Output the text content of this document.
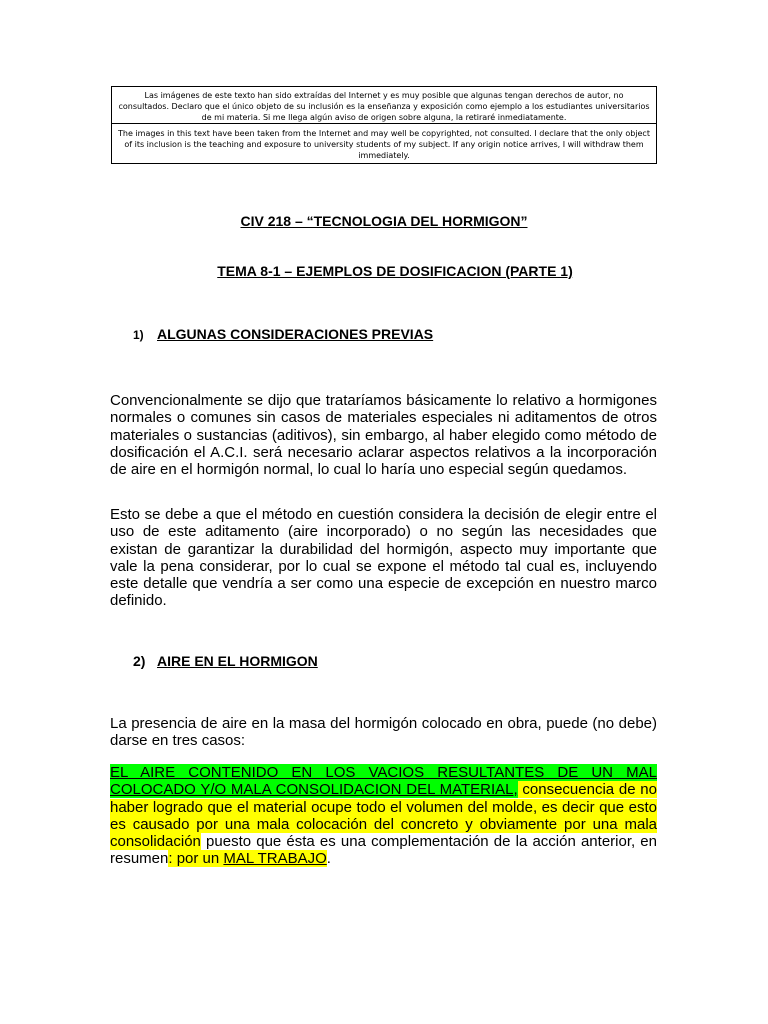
Las imágenes de este texto han sido extraídas del Internet y es muy posible que algunas tengan derechos de autor, no consultados. Declaro que el único objeto de su inclusión es la enseñanza y exposición como ejemplo a los estudiantes universitarios de mi materia. Si me llega algún aviso de origen sobre alguna, la retiraré inmediatamente.
The images in this text have been taken from the Internet and may well be copyrighted, not consulted. I declare that the only object of its inclusion is the teaching and exposure to university students of my subject. If any origin notice arrives, I will withdraw them immediately.
CIV 218 – “TECNOLOGIA DEL HORMIGON”
TEMA 8-1 – EJEMPLOS DE DOSIFICACION (PARTE 1)
1) ALGUNAS CONSIDERACIONES PREVIAS
Convencionalmente se dijo que trataríamos básicamente lo relativo a hormigones normales o comunes sin casos de materiales especiales ni aditamentos de otros materiales o sustancias (aditivos), sin embargo, al haber elegido como método de dosificación el A.C.I. será necesario aclarar aspectos relativos a la incorporación de aire en el hormigón normal, lo cual lo haría uno especial según quedamos.
Esto se debe a que el método en cuestión considera la decisión de elegir entre el uso de este aditamento (aire incorporado) o no según las necesidades que existan de garantizar la durabilidad del hormigón, aspecto muy importante que vale la pena considerar, por lo cual se expone el método tal cual es, incluyendo este detalle que vendría a ser como una especie de excepción en nuestro marco definido.
2) AIRE EN EL HORMIGON
La presencia de aire en la masa del hormigón colocado en obra, puede (no debe) darse en tres casos:
EL AIRE CONTENIDO EN LOS VACIOS RESULTANTES DE UN MAL COLOCADO Y/O MALA CONSOLIDACION DEL MATERIAL, consecuencia de no haber logrado que el material ocupe todo el volumen del molde, es decir que esto es causado por una mala colocación del concreto y obviamente por una mala consolidación puesto que ésta es una complementación de la acción anterior, en resumen: por un MAL TRABAJO.
